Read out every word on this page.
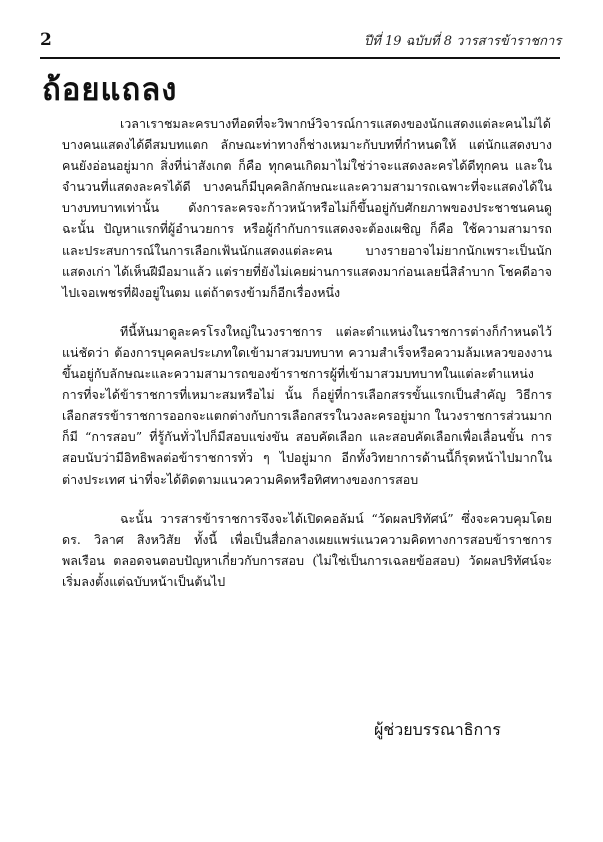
2	ปีที่ 19 ฉบับที่ 8 วารสารข้าราชการ
ถ้อยแถลง

เวลาเราชมละครบางทีอดที่จะวิพากษ์วิจารณ์การแสดงของนักแสดงแต่ละคนไม่ได้ บางคนแสดงได้ดีสมบทแตก ลักษณะท่าทางก็ช่างเหมาะกับบทที่กำหนดให้ แต่นักแสดงบางคนยังอ่อนอยู่มาก สิ่งที่น่าสังเกต ก็คือ ทุกคนเกิดมาไม่ใช่ว่าจะแสดงละครได้ดีทุกคน และในจำนวนที่แสดงละครได้ดี บางคนก็มีบุคคลิกลักษณะและความสามารถเฉพาะที่จะแสดงได้ในบางบทบาทเท่านั้น ดังการละครจะก้าวหน้าหรือไม่ก็ขึ้นอยู่กับศักยภาพของประชาชนคนดู ฉะนั้น ปัญหาแรกที่ผู้อำนวยการ หรือผู้กำกับการแสดงจะต้องเผชิญ ก็คือ ใช้ความสามารถ และประสบการณ์ในการเลือกเฟ้นนักแสดงแต่ละคน บางรายอาจไม่ยากนักเพราะเป็นนักแสดงเก่า ได้เห็นฝีมือมาแล้ว แต่รายที่ยังไม่เคยผ่านการแสดงมาก่อนเลยนี่สิลำบาก โชคดีอาจไปเจอเพชรที่ฝังอยู่ในตม แต่ถ้าตรงข้ามก็อีกเรื่องหนึ่ง

ทีนี้หันมาดูละครโรงใหญ่ในวงราชการ แต่ละตำแหน่งในราชการต่างก็กำหนดไว้แน่ชัดว่า ต้องการบุคคลประเภทใดเข้ามาสวมบทบาท ความสำเร็จหรือความล้มเหลวของงานขึ้นอยู่กับลักษณะและความสามารถของข้าราชการผู้ที่เข้ามาสวมบทบาทในแต่ละตำแหน่ง การที่จะได้ข้าราชการที่เหมาะสมหรือไม่ นั้น ก็อยู่ที่การเลือกสรรขั้นแรกเป็นสำคัญ วิธีการเลือกสรรข้าราชการออกจะแตกต่างกับการเลือกสรรในวงละครอยู่มาก ในวงราชการส่วนมากก็มี “การสอบ” ที่รู้กันทั่วไปก็มีสอบแข่งขัน สอบคัดเลือก และสอบคัดเลือกเพื่อเลื่อนขั้น การสอบนับว่ามีอิทธิพลต่อข้าราชการทั่ว ๆ ไปอยู่มาก อีกทั้งวิทยาการด้านนี้ก็รุดหน้าไปมากในต่างประเทศ น่าที่จะได้ติดตามแนวความคิดหรือทิศทางของการสอบ

ฉะนั้น วารสารข้าราชการจึงจะได้เปิดคอลัมน์ “วัดผลปริทัศน์” ซึ่งจะควบคุมโดย ดร. วิลาศ สิงหวิสัย ทั้งนี้ เพื่อเป็นสื่อกลางเผยแพร่แนวความคิดทางการสอบข้าราชการพลเรือน ตลอดจนตอบปัญหาเกี่ยวกับการสอบ (ไม่ใช่เป็นการเฉลยข้อสอบ) วัดผลปริทัศน์จะเริ่มลงตั้งแต่ฉบับหน้าเป็นต้นไป

ผู้ช่วยบรรณาธิการ
